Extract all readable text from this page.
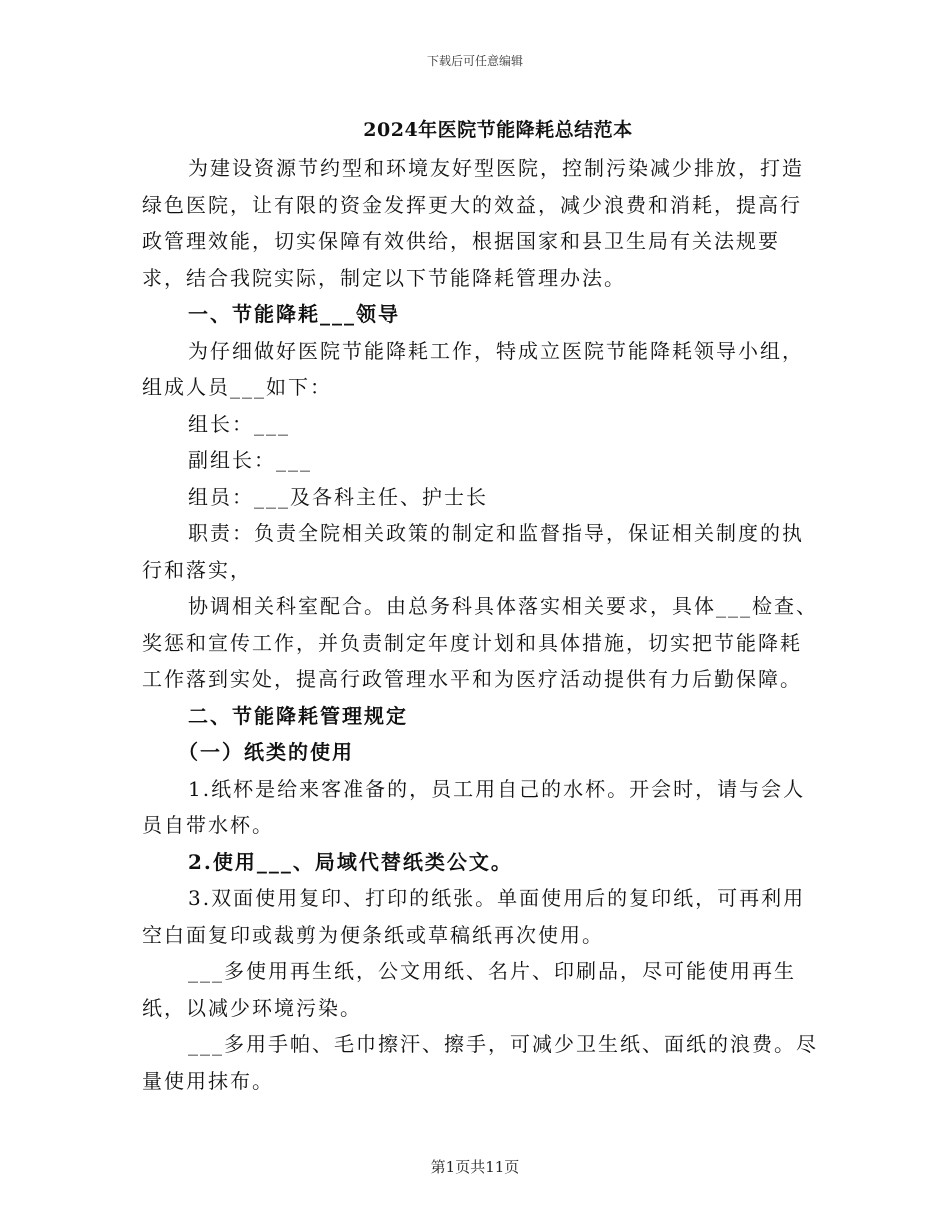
下载后可任意编辑
2024年医院节能降耗总结范本

为建设资源节约型和环境友好型医院，控制污染减少排放，打造绿色医院，让有限的资金发挥更大的效益，减少浪费和消耗，提高行政管理效能，切实保障有效供给，根据国家和县卫生局有关法规要求，结合我院实际，制定以下节能降耗管理办法。

一、节能降耗___领导

为仔细做好医院节能降耗工作，特成立医院节能降耗领导小组，组成人员___如下：

组长：___

副组长：___

组员：___及各科主任、护士长

职责：负责全院相关政策的制定和监督指导，保证相关制度的执行和落实，

协调相关科室配合。由总务科具体落实相关要求，具体___检查、奖惩和宣传工作，并负责制定年度计划和具体措施，切实把节能降耗工作落到实处，提高行政管理水平和为医疗活动提供有力后勤保障。

二、节能降耗管理规定

（一）纸类的使用

1.纸杯是给来客准备的，员工用自己的水杯。开会时，请与会人员自带水杯。

2.使用___、局域代替纸类公文。

3.双面使用复印、打印的纸张。单面使用后的复印纸，可再利用空白面复印或裁剪为便条纸或草稿纸再次使用。

___多使用再生纸，公文用纸、名片、印刷品，尽可能使用再生纸，以减少环境污染。

___多用手帕、毛巾擦汗、擦手，可减少卫生纸、面纸的浪费。尽量使用抹布。

第1页共11页
